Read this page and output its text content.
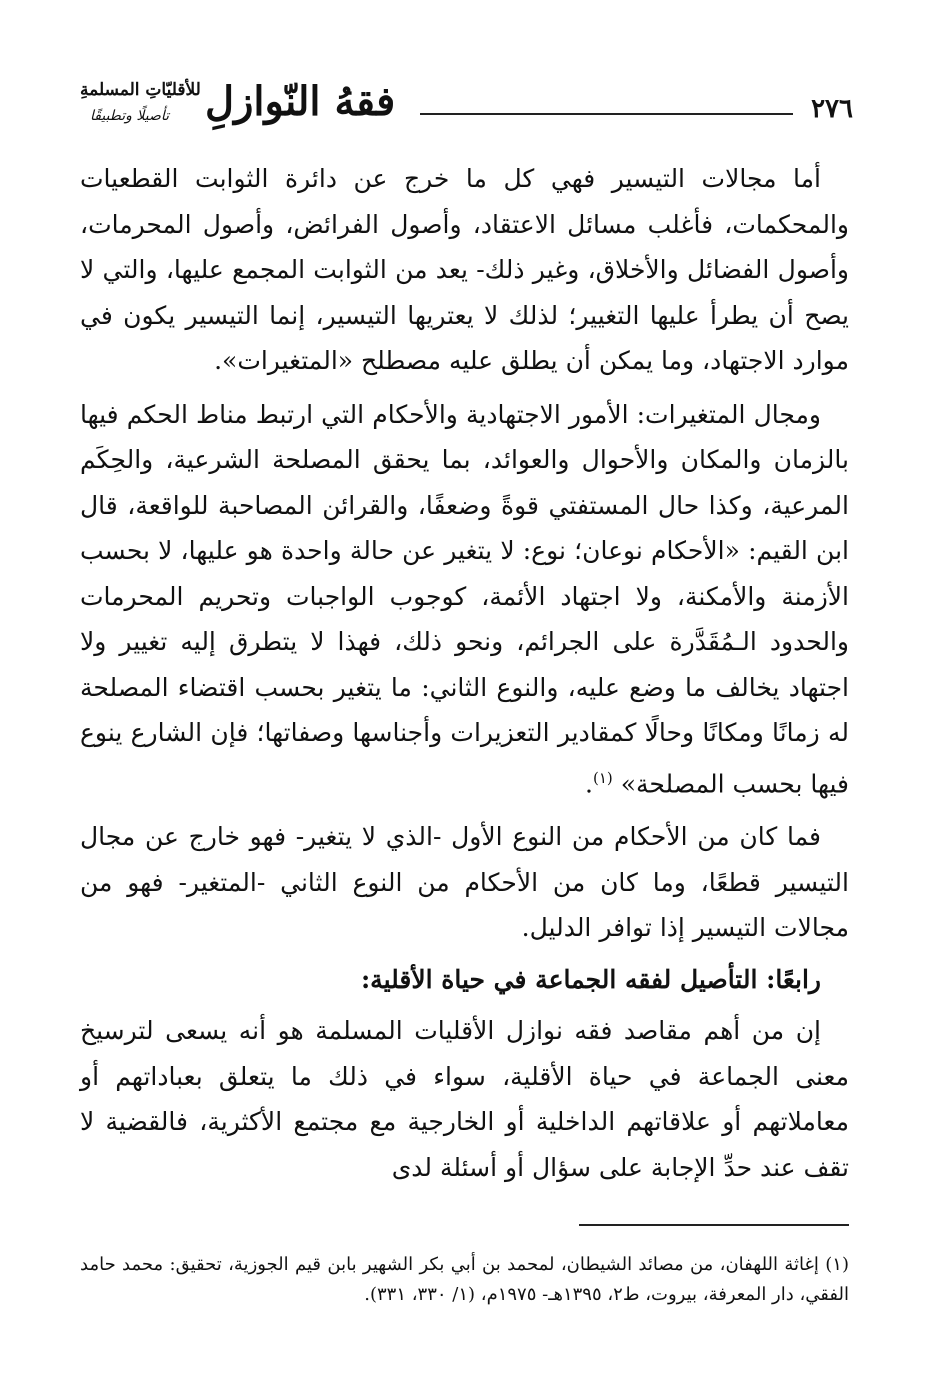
٢٧٦
فقهُ النّوازلِ
للأقليّاتِ المسلمةِ
تأصيلًا وتطبيقًا

أما مجالات التيسير فهي كل ما خرج عن دائرة الثوابت القطعيات والمحكمات، فأغلب مسائل الاعتقاد، وأصول الفرائض، وأصول المحرمات، وأصول الفضائل والأخلاق، وغير ذلك- يعد من الثوابت المجمع عليها، والتي لا يصح أن يطرأ عليها التغيير؛ لذلك لا يعتريها التيسير، إنما التيسير يكون في موارد الاجتهاد، وما يمكن أن يطلق عليه مصطلح «المتغيرات».

ومجال المتغيرات: الأمور الاجتهادية والأحكام التي ارتبط مناط الحكم فيها بالزمان والمكان والأحوال والعوائد، بما يحقق المصلحة الشرعية، والحِكَم المرعية، وكذا حال المستفتي قوةً وضعفًا، والقرائن المصاحبة للواقعة، قال ابن القيم: «الأحكام نوعان؛ نوع: لا يتغير عن حالة واحدة هو عليها، لا بحسب الأزمنة والأمكنة، ولا اجتهاد الأئمة، كوجوب الواجبات وتحريم المحرمات والحدود الـمُقَدَّرة على الجرائم، ونحو ذلك، فهذا لا يتطرق إليه تغيير ولا اجتهاد يخالف ما وضع عليه، والنوع الثاني: ما يتغير بحسب اقتضاء المصلحة له زمانًا ومكانًا وحالًا كمقادير التعزيرات وأجناسها وصفاتها؛ فإن الشارع ينوع فيها بحسب المصلحة» $^{(١)}$.

فما كان من الأحكام من النوع الأول -الذي لا يتغير- فهو خارج عن مجال التيسير قطعًا، وما كان من الأحكام من النوع الثاني -المتغير- فهو من مجالات التيسير إذا توافر الدليل.

رابعًا: التأصيل لفقه الجماعة في حياة الأقلية:

إن من أهم مقاصد فقه نوازل الأقليات المسلمة هو أنه يسعى لترسيخ معنى الجماعة في حياة الأقلية، سواء في ذلك ما يتعلق بعباداتهم أو معاملاتهم أو علاقاتهم الداخلية أو الخارجية مع مجتمع الأكثرية، فالقضية لا تقف عند حدِّ الإجابة على سؤال أو أسئلة لدى

(١) إغاثة اللهفان، من مصائد الشيطان، لمحمد بن أبي بكر الشهير بابن قيم الجوزية، تحقيق: محمد حامد الفقي، دار المعرفة، بيروت، ط٢، ١٣٩٥هـ- ١٩٧٥م، (١/ ٣٣٠، ٣٣١).
